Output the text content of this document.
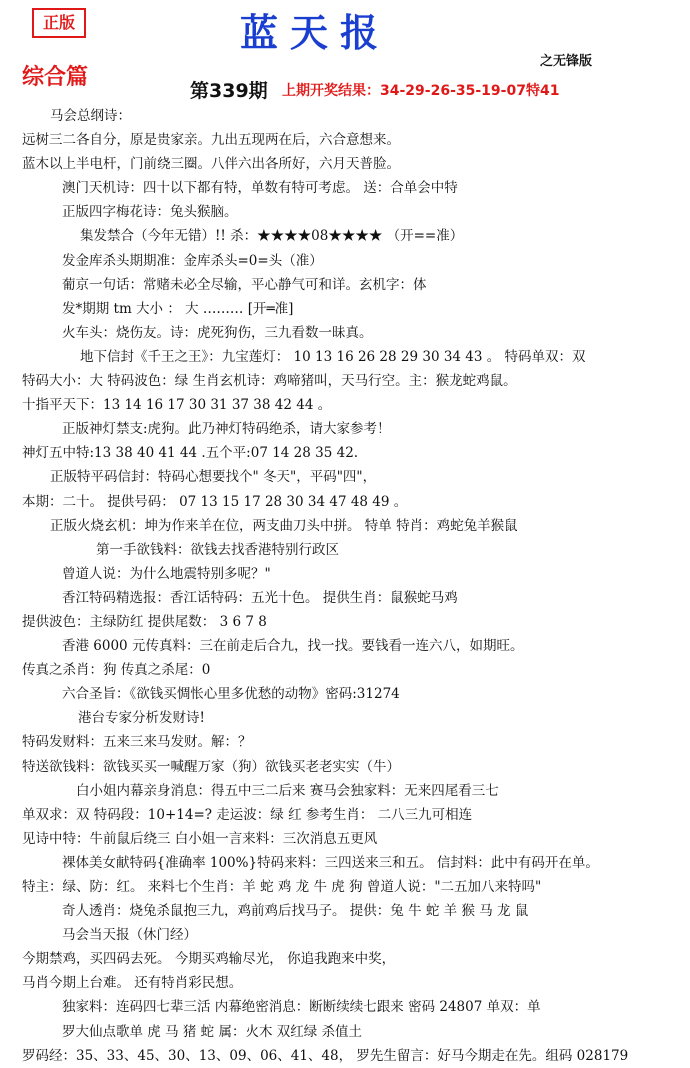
正版	蓝天报
之无锋版
综合篇
第339期 上期开奖结果：34-29-26-35-19-07特41
马会总纲诗：
远树三二各自分，原是贵家亲。九出五现两在后，六合意想来。
蓝木以上半电杆，门前绕三圈。八伴六出各所好，六月天普脸。
澳门天机诗：四十以下都有特，单数有特可考虑。 送：合单会中特
正版四字梅花诗：兔头猴脑。
集发禁合（今年无错）!! 杀：★★★★08★★★★ （开==准）
发金库杀头期期准：金库杀头=0=头（准）
葡京一句话：常赌未必全尽输，平心静气可和详。玄机字：体
发*期期 tm 大小 ： 大 ……… [开═准]
火车头：烧伤友。诗：虎死狗伤，三九看数一昧真。
地下信封《千王之王》：九宝莲灯： 10 13 16 26 28 29 30 34 43 。 特码单双：双
特码大小：大 特码波色：绿 生肖玄机诗：鸡啼猪叫，天马行空。主：猴龙蛇鸡鼠。
十指平天下：13 14 16 17 30 31 37 38 42 44 。
正版神灯禁支:虎狗。此乃神灯特码绝杀，请大家参考！
神灯五中特:13 38 40 41 44 .五个平:07 14 28 35 42.
正版特平码信封：特码心想要找个" 冬天"，平码"四"，
本期：二十。 提供号码： 07 13 15 17 28 30 34 47 48 49 。
正版火烧玄机：坤为作来羊在位，两支曲刀头中拼。 特单 特肖：鸡蛇兔羊猴鼠
第一手欲钱料：欲钱去找香港特别行政区
曾道人说：为什么地震特别多呢？"
香江特码精选报：香江话特码：五光十色。 提供生肖：鼠猴蛇马鸡
提供波色：主绿防红 提供尾数： 3 6 7 8
香港 6000 元传真料：三在前走后合九，找一找。要钱看一连六八，如期旺。
传真之杀肖：狗 传真之杀尾：0
六合圣旨：《欲钱买惆怅心里多优愁的动物》密码:31274
港台专家分析发财诗!
特码发财料：五来三来马发财。解：？
特送欲钱料：欲钱买买一喊醒万家（狗）欲钱买老老实实（牛）
白小姐内幕亲身消息：得五中三二后来 赛马会独家料：无来四尾看三七
单双求：双 特码段：10+14=? 走运波：绿 红 参考生肖： 二八三九可相连
见诗中特：牛前鼠后绕三 白小姐一言来料：三次消息五更风
裸体美女献特码{准确率 100%}特码来料：三四送来三和五。 信封料：此中有码开在单。
特主：绿、防：红。 来料七个生肖：羊 蛇 鸡 龙 牛 虎 狗 曾道人说："二五加八来特吗"
奇人透肖：烧兔杀鼠抱三九，鸡前鸡后找马子。 提供：兔 牛 蛇 羊 猴 马 龙 鼠
马会当天报（休门经）
今期禁鸡，买四码去死。 今期买鸡输尽光， 你追我跑来中奖，
马肖今期上台难。 还有特肖彩民想。
独家料：连码四七辈三活 内幕绝密消息：断断续续七跟来 密码 24807 单双：单
罗大仙点歌单 虎 马 猪 蛇 属：火木 双红绿 杀值土
罗码经：35、33、45、30、13、09、06、41、48， 罗先生留言：好马今期走在先。组码 028179
